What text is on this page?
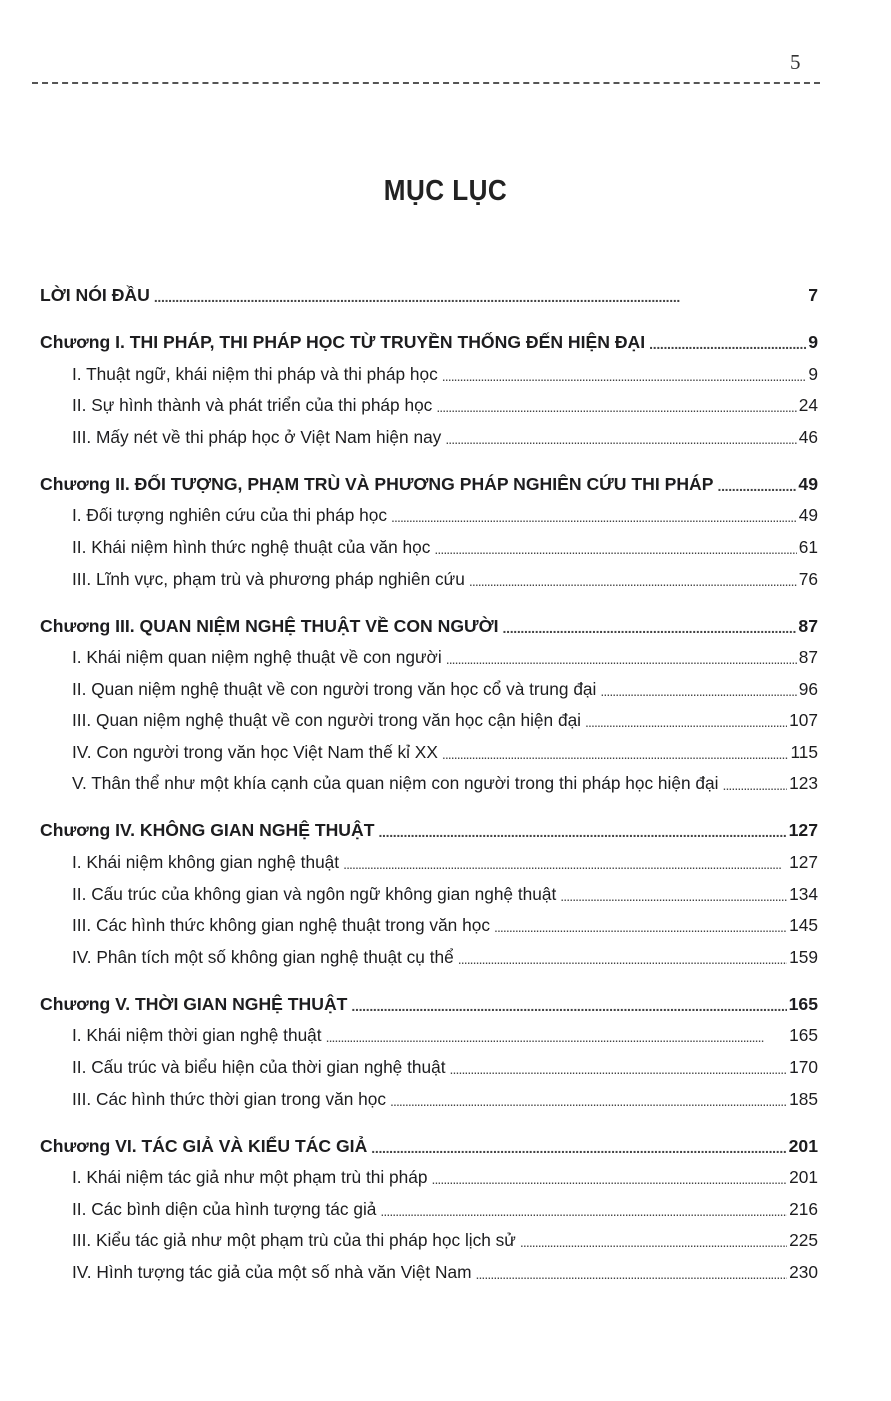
5
MỤC LỤC
LỜI NÓI ĐẦU . . .	7
Chương I. THI PHÁP, THI PHÁP HỌC TỪ TRUYỀN THỐNG ĐẾN HIỆN ĐẠI . . .	9
I. Thuật ngữ, khái niệm thi pháp và thi pháp học . . .	9
II. Sự hình thành và phát triển của thi pháp học . . .	24
III. Mấy nét về thi pháp học ở Việt Nam hiện nay . . .	46
Chương II. ĐỐI TƯỢNG, PHẠM TRÙ VÀ PHƯƠNG PHÁP NGHIÊN CỨU THI PHÁP . . .	49
I. Đối tượng nghiên cứu của thi pháp học . . .	49
II. Khái niệm hình thức nghệ thuật của văn học . . .	61
III. Lĩnh vực, phạm trù và phương pháp nghiên cứu . . .	76
Chương III. QUAN NIỆM NGHỆ THUẬT VỀ CON NGƯỜI . . .	87
I. Khái niệm quan niệm nghệ thuật về con người . . .	87
II. Quan niệm nghệ thuật về con người trong văn học cổ và trung đại . . .	96
III. Quan niệm nghệ thuật về con người trong văn học cận hiện đại . . .	107
IV. Con người trong văn học Việt Nam thế kỉ XX . . .	115
V. Thân thể như một khía cạnh của quan niệm con người trong thi pháp học hiện đại . . .	123
Chương IV. KHÔNG GIAN NGHỆ THUẬT . . .	127
I. Khái niệm không gian nghệ thuật . . .	127
II. Cấu trúc của không gian và ngôn ngữ không gian nghệ thuật . . .	134
III. Các hình thức không gian nghệ thuật trong văn học . . .	145
IV. Phân tích một số không gian nghệ thuật cụ thể . . .	159
Chương V. THỜI GIAN NGHỆ THUẬT . . .	165
I. Khái niệm thời gian nghệ thuật . . .	165
II. Cấu trúc và biểu hiện của thời gian nghệ thuật . . .	170
III. Các hình thức thời gian trong văn học . . .	185
Chương VI. TÁC GIẢ VÀ KIỂU TÁC GIẢ . . .	201
I. Khái niệm tác giả như một phạm trù thi pháp . . .	201
II. Các bình diện của hình tượng tác giả . . .	216
III. Kiểu tác giả như một phạm trù của thi pháp học lịch sử . . .	225
IV. Hình tượng tác giả của một số nhà văn Việt Nam . . .	230
